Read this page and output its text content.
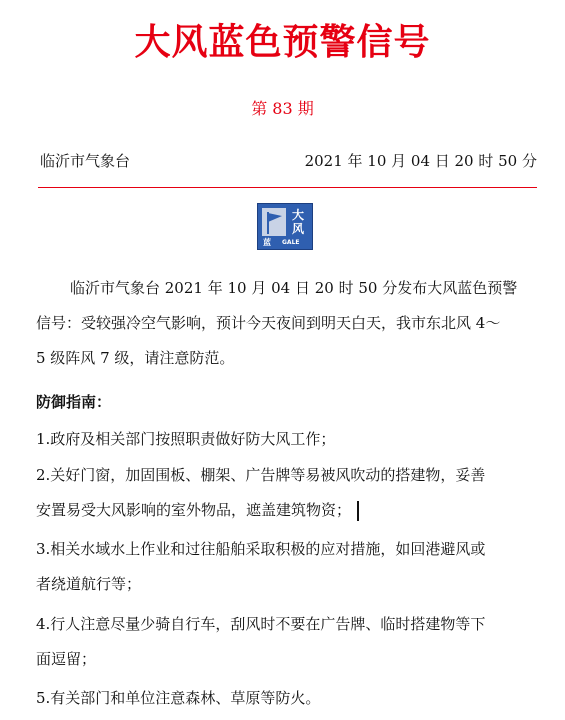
大风蓝色预警信号
第 83 期
临沂市气象台	2021 年 10 月 04 日 20 时 50 分
大
风
蓝 GALE
临沂市气象台 2021 年 10 月 04 日 20 时 50 分发布大风蓝色预警
信号：受较强冷空气影响，预计今天夜间到明天白天，我市东北风 4～
5 级阵风 7 级，请注意防范。
防御指南：
1.政府及相关部门按照职责做好防大风工作；
2.关好门窗，加固围板、棚架、广告牌等易被风吹动的搭建物，妥善
安置易受大风影响的室外物品，遮盖建筑物资；
3.相关水域水上作业和过往船舶采取积极的应对措施，如回港避风或
者绕道航行等；
4.行人注意尽量少骑自行车，刮风时不要在广告牌、临时搭建物等下
面逗留；
5.有关部门和单位注意森林、草原等防火。
